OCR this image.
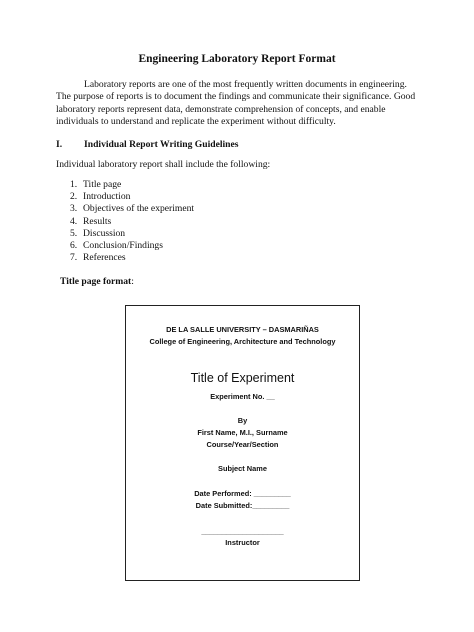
Engineering Laboratory Report Format
Laboratory reports are one of the most frequently written documents in engineering. The purpose of reports is to document the findings and communicate their significance. Good laboratory reports represent data, demonstrate comprehension of concepts, and enable individuals to understand and replicate the experiment without difficulty.
I. Individual Report Writing Guidelines
Individual laboratory report shall include the following:
1. Title page
2. Introduction
3. Objectives of the experiment
4. Results
5. Discussion
6. Conclusion/Findings
7. References
Title page format:
DE LA SALLE UNIVERSITY – DASMARIÑAS
College of Engineering, Architecture and Technology
Title of Experiment
Experiment No. __
By
First Name, M.I., Surname
Course/Year/Section
Subject Name
Date Performed: _________
Date Submitted:_________
____________________
Instructor
